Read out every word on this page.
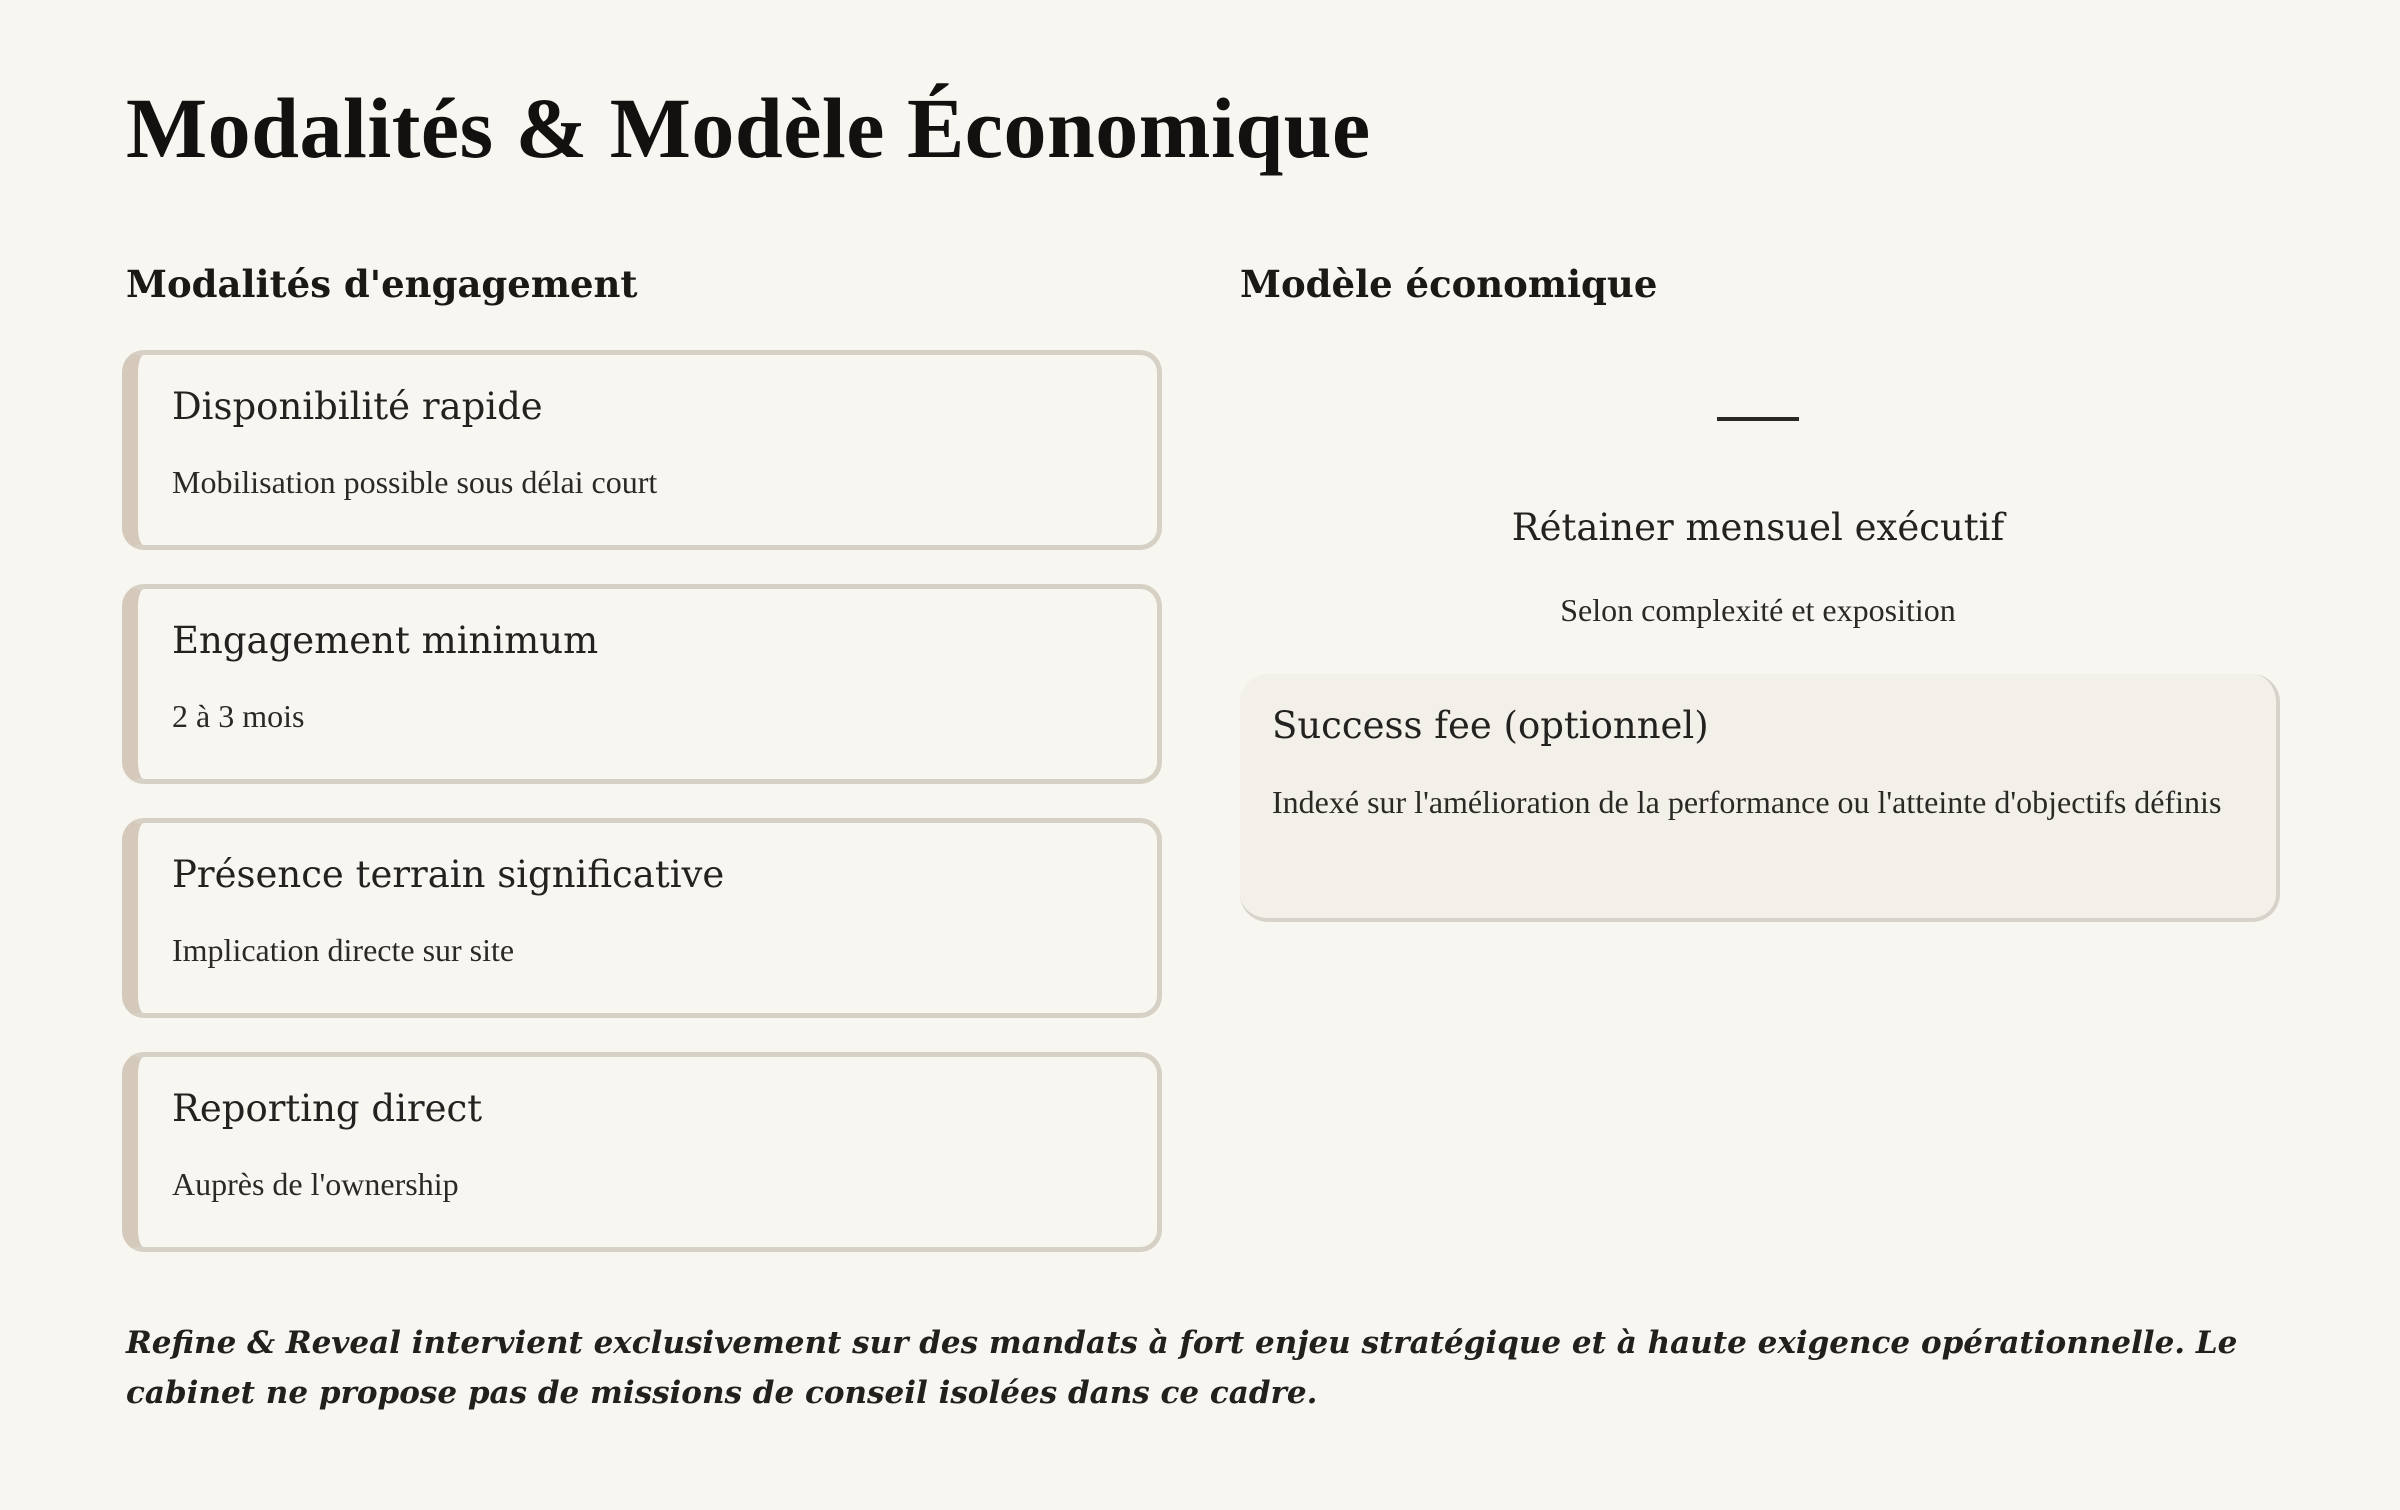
Modalités & Modèle Économique
Modalités d'engagement
Disponibilité rapide

Mobilisation possible sous délai court

Engagement minimum

2 à 3 mois

Présence terrain significative

Implication directe sur site

Reporting direct

Auprès de l'ownership

Modèle économique
Rétainer mensuel exécutif

Selon complexité et exposition

Success fee (optionnel)

Indexé sur l'amélioration de la performance ou l'atteinte d'objectifs définis

Refine & Reveal intervient exclusivement sur des mandats à fort enjeu stratégique et à haute exigence opérationnelle. Le cabinet ne propose pas de missions de conseil isolées dans ce cadre.
